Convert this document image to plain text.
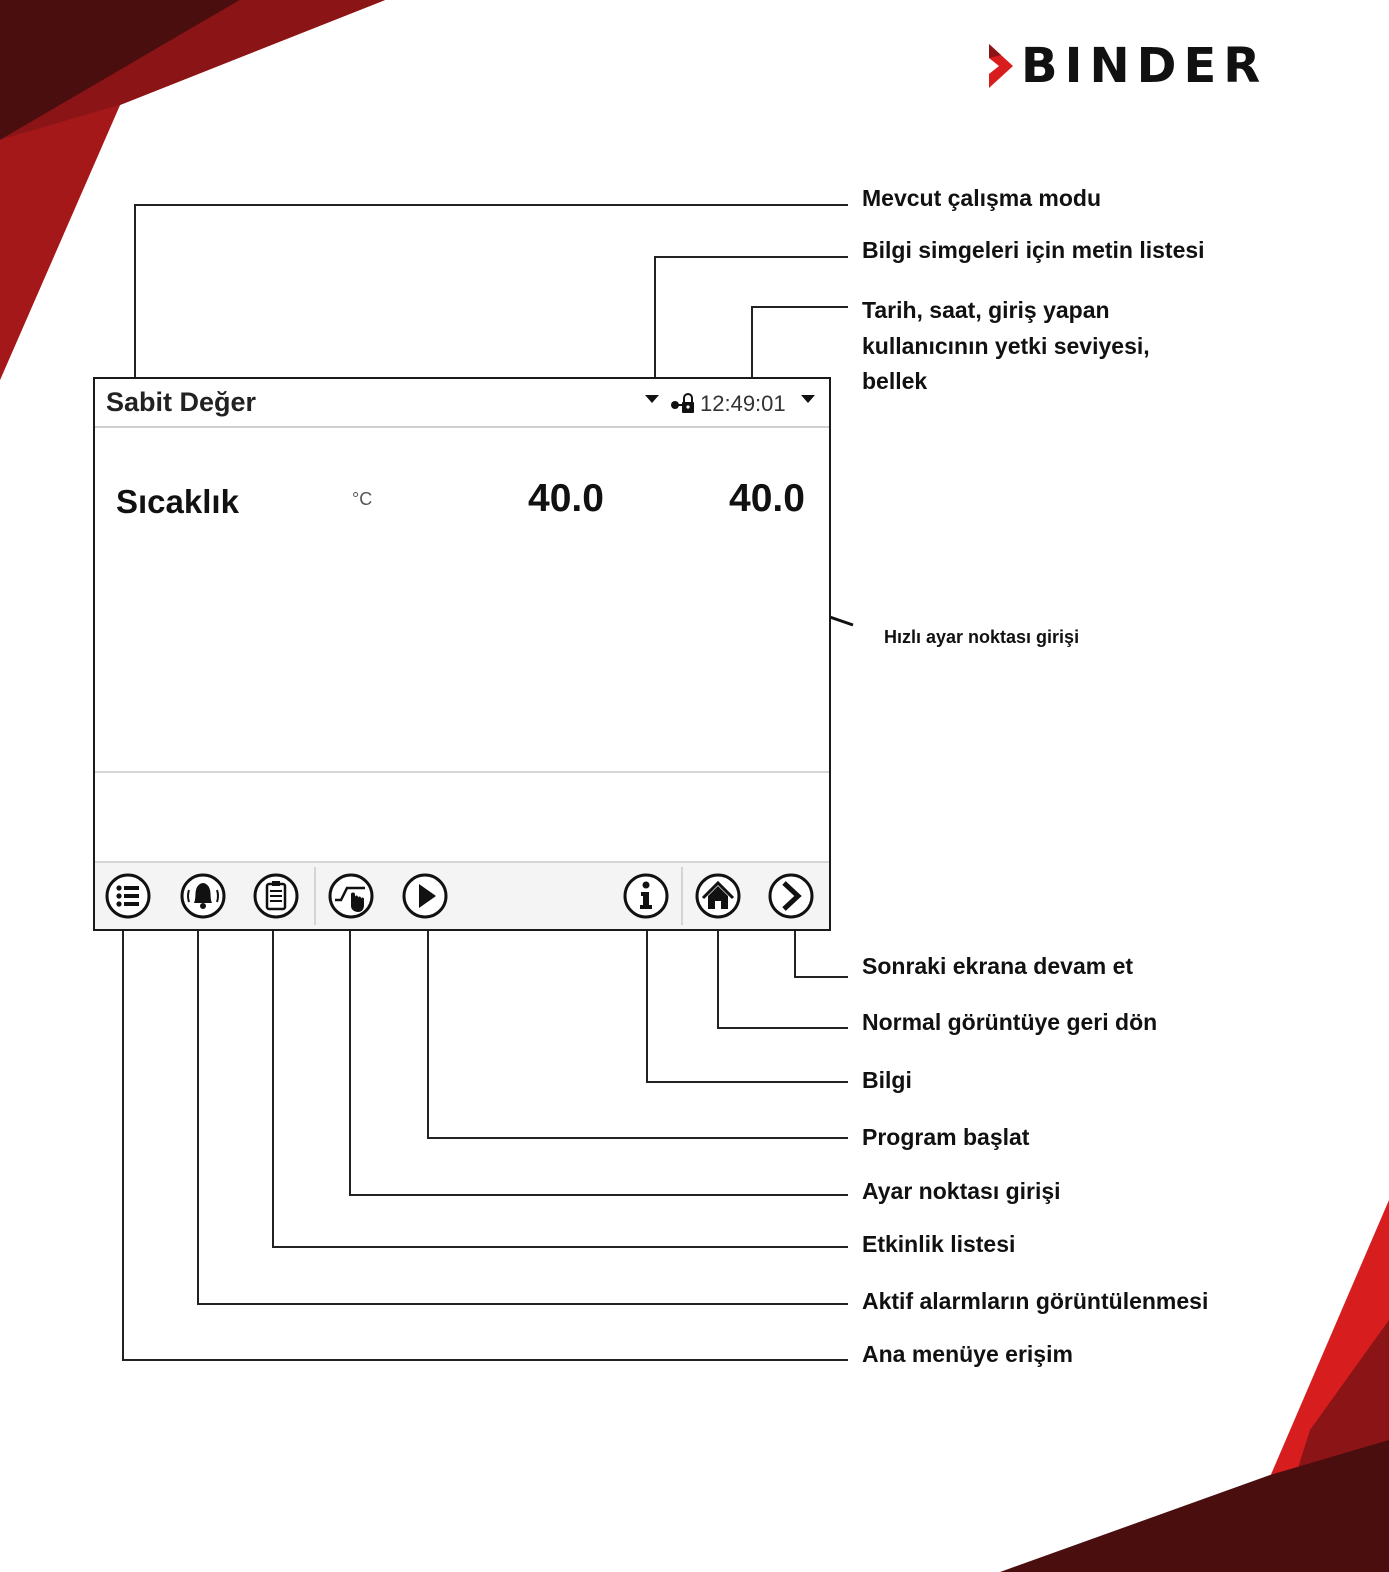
BINDER
Sabit Değer	12:49:01
Sıcaklık	°C	40.0	40.0
Mevcut çalışma modu
Bilgi simgeleri için metin listesi
Tarih, saat, giriş yapan
kullanıcının yetki seviyesi,
bellek
Hızlı ayar noktası girişi
Sonraki ekrana devam et
Normal görüntüye geri dön
Bilgi
Program başlat
Ayar noktası girişi
Etkinlik listesi
Aktif alarmların görüntülenmesi
Ana menüye erişim
